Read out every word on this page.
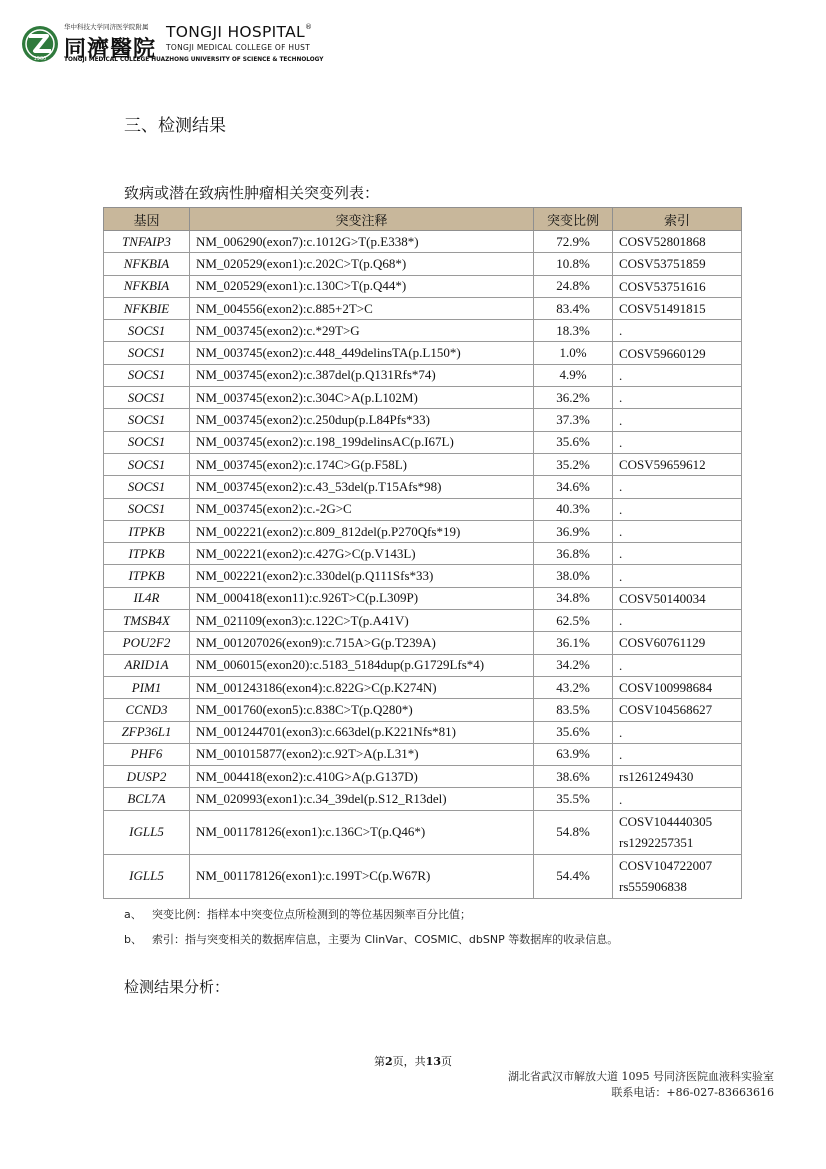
1900
华中科技大学同济医学院附属
同濟醫院
TONGJI HOSPITAL®
TONGJI MEDICAL COLLEGE OF HUST
TONGJI MEDICAL COLLEGE HUAZHONG UNIVERSITY OF SCIENCE & TECHNOLOGY
三、检测结果
致病或潜在致病性肿瘤相关突变列表：
基因	突变注释	突变比例	索引
TNFAIP3	NM_006290(exon7):c.1012G>T(p.E338*)	72.9%	COSV52801868

NFKBIA	NM_020529(exon1):c.202C>T(p.Q68*)	10.8%	COSV53751859

NFKBIA	NM_020529(exon1):c.130C>T(p.Q44*)	24.8%	COSV53751616

NFKBIE	NM_004556(exon2):c.885+2T>C	83.4%	COSV51491815

SOCS1	NM_003745(exon2):c.*29T>G	18.3%	.

SOCS1	NM_003745(exon2):c.448_449delinsTA(p.L150*)	1.0%	COSV59660129

SOCS1	NM_003745(exon2):c.387del(p.Q131Rfs*74)	4.9%	.

SOCS1	NM_003745(exon2):c.304C>A(p.L102M)	36.2%	.

SOCS1	NM_003745(exon2):c.250dup(p.L84Pfs*33)	37.3%	.

SOCS1	NM_003745(exon2):c.198_199delinsAC(p.I67L)	35.6%	.

SOCS1	NM_003745(exon2):c.174C>G(p.F58L)	35.2%	COSV59659612

SOCS1	NM_003745(exon2):c.43_53del(p.T15Afs*98)	34.6%	.

SOCS1	NM_003745(exon2):c.-2G>C	40.3%	.

ITPKB	NM_002221(exon2):c.809_812del(p.P270Qfs*19)	36.9%	.

ITPKB	NM_002221(exon2):c.427G>C(p.V143L)	36.8%	.

ITPKB	NM_002221(exon2):c.330del(p.Q111Sfs*33)	38.0%	.

IL4R	NM_000418(exon11):c.926T>C(p.L309P)	34.8%	COSV50140034

TMSB4X	NM_021109(exon3):c.122C>T(p.A41V)	62.5%	.

POU2F2	NM_001207026(exon9):c.715A>G(p.T239A)	36.1%	COSV60761129

ARID1A	NM_006015(exon20):c.5183_5184dup(p.G1729Lfs*4)	34.2%	.

PIM1	NM_001243186(exon4):c.822G>C(p.K274N)	43.2%	COSV100998684

CCND3	NM_001760(exon5):c.838C>T(p.Q280*)	83.5%	COSV104568627

ZFP36L1	NM_001244701(exon3):c.663del(p.K221Nfs*81)	35.6%	.

PHF6	NM_001015877(exon2):c.92T>A(p.L31*)	63.9%	.

DUSP2	NM_004418(exon2):c.410G>A(p.G137D)	38.6%	rs1261249430

BCL7A	NM_020993(exon1):c.34_39del(p.S12_R13del)	35.5%	.

IGLL5	NM_001178126(exon1):c.136C>T(p.Q46*)	54.8%	COSV104440305
rs1292257351

IGLL5	NM_001178126(exon1):c.199T>C(p.W67R)	54.4%	COSV104722007
rs555906838
a、 突变比例：指样本中突变位点所检测到的等位基因频率百分比值；
b、 索引：指与突变相关的数据库信息，主要为 ClinVar、COSMIC、dbSNP 等数据库的收录信息。
检测结果分析：
第2页，共13页
湖北省武汉市解放大道 1095 号同济医院血液科实验室
联系电话：+86-027-83663616
